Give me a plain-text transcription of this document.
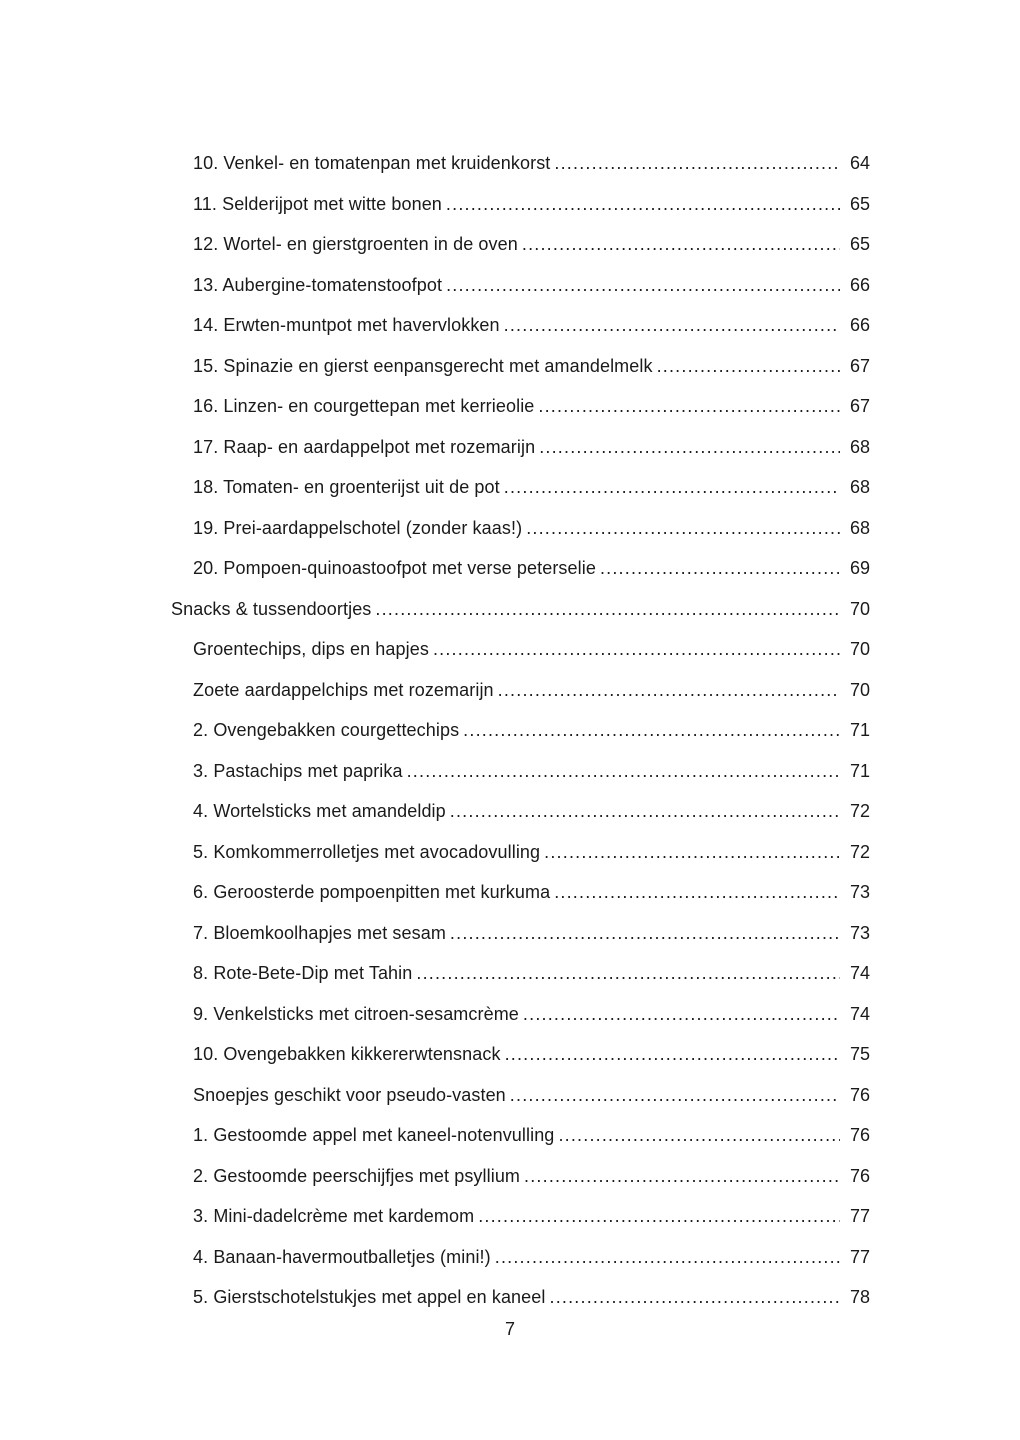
10. Venkel- en tomatenpan met kruidenkorst .....	64
11. Selderijpot met witte bonen .....	65
12. Wortel- en gierstgroenten in de oven .....	65
13. Aubergine-tomatenstoofpot .....	66
14. Erwten-muntpot met havervlokken .....	66
15. Spinazie en gierst eenpansgerecht met amandelmelk .....	67
16. Linzen- en courgettepan met kerrieolie .....	67
17. Raap- en aardappelpot met rozemarijn .....	68
18. Tomaten- en groenterijst uit de pot .....	68
19. Prei-aardappelschotel (zonder kaas!) .....	68
20. Pompoen-quinoastoofpot met verse peterselie .....	69
Snacks & tussendoortjes .....	70
Groentechips, dips en hapjes .....	70
Zoete aardappelchips met rozemarijn .....	70
2. Ovengebakken courgettechips .....	71
3. Pastachips met paprika .....	71
4. Wortelsticks met amandeldip .....	72
5. Komkommerrolletjes met avocadovulling .....	72
6. Geroosterde pompoenpitten met kurkuma .....	73
7. Bloemkoolhapjes met sesam .....	73
8. Rote-Bete-Dip met Tahin .....	74
9. Venkelsticks met citroen-sesamcrème .....	74
10. Ovengebakken kikkererwtensnack .....	75
Snoepjes geschikt voor pseudo-vasten .....	76
1. Gestoomde appel met kaneel-notenvulling .....	76
2. Gestoomde peerschijfjes met psyllium .....	76
3. Mini-dadelcrème met kardemom .....	77
4. Banaan-havermoutballetjes (mini!) .....	77
5. Gierstschotelstukjes met appel en kaneel .....	78
7
